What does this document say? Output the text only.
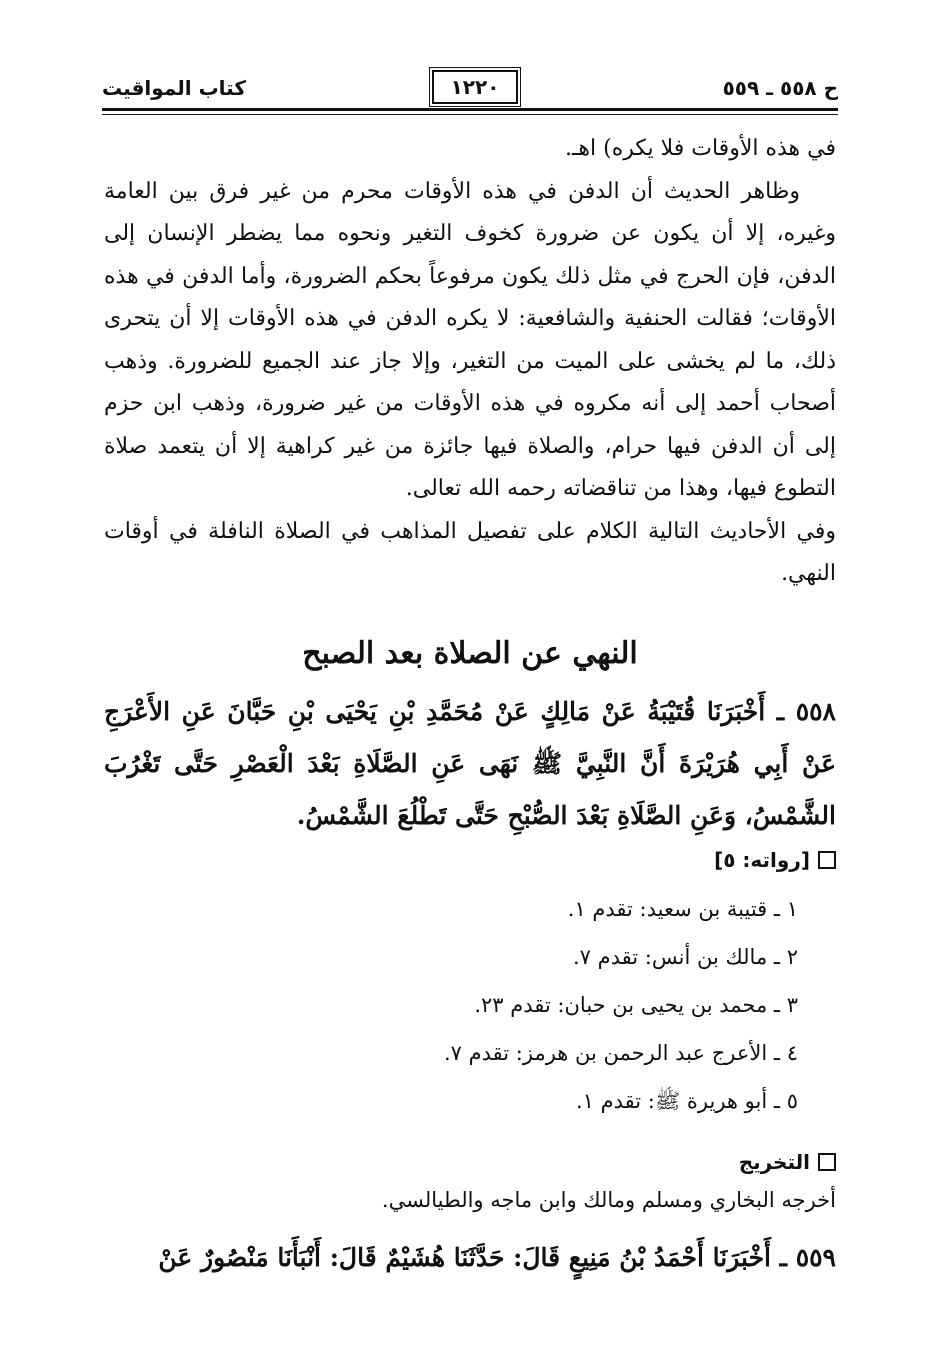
ح ٥٥٨ ـ ٥٥٩
١٢٢٠
كتاب المواقيت

في هذه الأوقات فلا يكره) اهـ.

وظاهر الحديث أن الدفن في هذه الأوقات محرم من غير فرق بين العامة وغيره، إلا أن يكون عن ضرورة كخوف التغير ونحوه مما يضطر الإنسان إلى الدفن، فإن الحرج في مثل ذلك يكون مرفوعاً بحكم الضرورة، وأما الدفن في هذه الأوقات؛ فقالت الحنفية والشافعية: لا يكره الدفن في هذه الأوقات إلا أن يتحرى ذلك، ما لم يخشى على الميت من التغير، وإلا جاز عند الجميع للضرورة. وذهب أصحاب أحمد إلى أنه مكروه في هذه الأوقات من غير ضرورة، وذهب ابن حزم إلى أن الدفن فيها حرام، والصلاة فيها جائزة من غير كراهية إلا أن يتعمد صلاة التطوع فيها، وهذا من تناقضاته رحمه الله تعالى.

وفي الأحاديث التالية الكلام على تفصيل المذاهب في الصلاة النافلة في أوقات النهي.

النهي عن الصلاة بعد الصبح
٥٥٨ ـ أَخْبَرَنَا قُتَيْبَةُ عَنْ مَالِكٍ عَنْ مُحَمَّدِ بْنِ يَحْيَى بْنِ حَبَّانَ عَنِ الأَعْرَجِ عَنْ أَبِي هُرَيْرَةَ أَنَّ النَّبِيَّ ﷺ نَهَى عَنِ الصَّلَاةِ بَعْدَ الْعَصْرِ حَتَّى تَغْرُبَ الشَّمْسُ، وَعَنِ الصَّلَاةِ بَعْدَ الصُّبْحِ حَتَّى تَطْلُعَ الشَّمْسُ.
[رواته: ٥]
١ ـ قتيبة بن سعيد: تقدم ١.
٢ ـ مالك بن أنس: تقدم ٧.
٣ ـ محمد بن يحيى بن حبان: تقدم ٢٣.
٤ ـ الأعرج عبد الرحمن بن هرمز: تقدم ٧.
٥ ـ أبو هريرة ﷺ: تقدم ١.
التخريج
أخرجه البخاري ومسلم ومالك وابن ماجه والطيالسي.
٥٥٩ ـ أَخْبَرَنَا أَحْمَدُ بْنُ مَنِيعٍ قَالَ: حَدَّثَنَا هُشَيْمٌ قَالَ: أَنْبَأَنَا مَنْصُورٌ عَنْ
